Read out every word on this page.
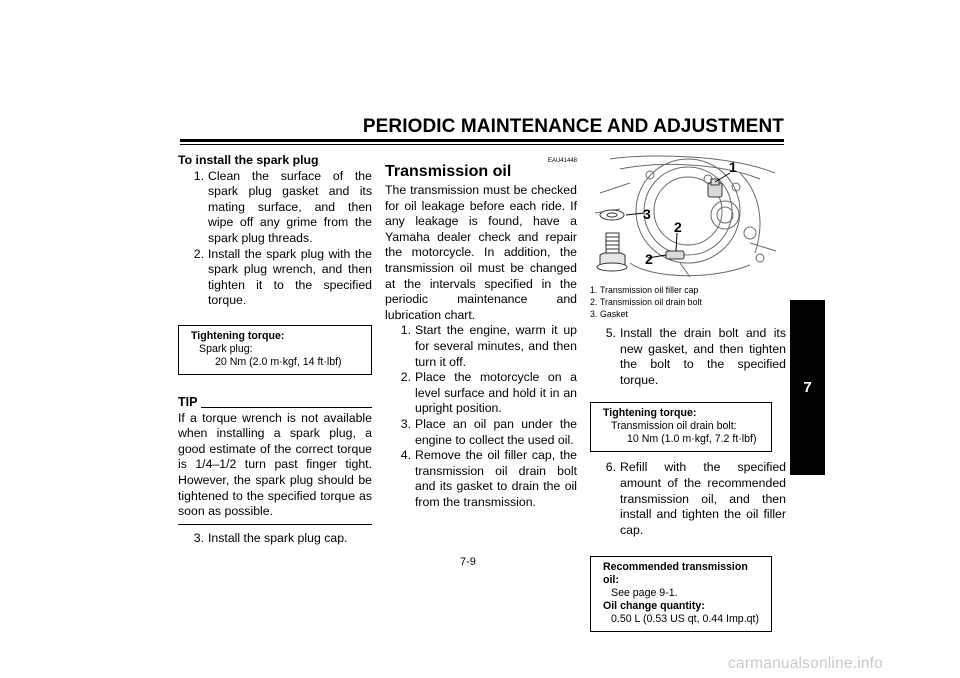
PERIODIC MAINTENANCE AND ADJUSTMENT
To install the spark plug
1. Clean the surface of the spark plug gasket and its mating surface, and then wipe off any grime from the spark plug threads.
2. Install the spark plug with the spark plug wrench, and then tighten it to the specified torque.
Tightening torque:
Spark plug:
20 Nm (2.0 m·kgf, 14 ft·lbf)
TIP
If a torque wrench is not available when installing a spark plug, a good estimate of the correct torque is 1/4–1/2 turn past finger tight. However, the spark plug should be tightened to the specified torque as soon as possible.
3. Install the spark plug cap.
EAU41448
Transmission oil
The transmission must be checked for oil leakage before each ride. If any leakage is found, have a Yamaha dealer check and repair the motorcycle. In addition, the transmission oil must be changed at the intervals specified in the periodic maintenance and lubrication chart.
1. Start the engine, warm it up for several minutes, and then turn it off.
2. Place the motorcycle on a level surface and hold it in an upright position.
3. Place an oil pan under the engine to collect the used oil.
4. Remove the oil filler cap, the transmission oil drain bolt and its gasket to drain the oil from the transmission.
1
2
3
2
1. Transmission oil filler cap
2. Transmission oil drain bolt
3. Gasket
5. Install the drain bolt and its new gasket, and then tighten the bolt to the specified torque.
Tightening torque:
Transmission oil drain bolt:
10 Nm (1.0 m·kgf, 7.2 ft·lbf)
6. Refill with the specified amount of the recommended transmission oil, and then install and tighten the oil filler cap.
Recommended transmission oil:
See page 9-1.
Oil change quantity:
0.50 L (0.53 US qt, 0.44 Imp.qt)
7
7-9
carmanualsonline.info
